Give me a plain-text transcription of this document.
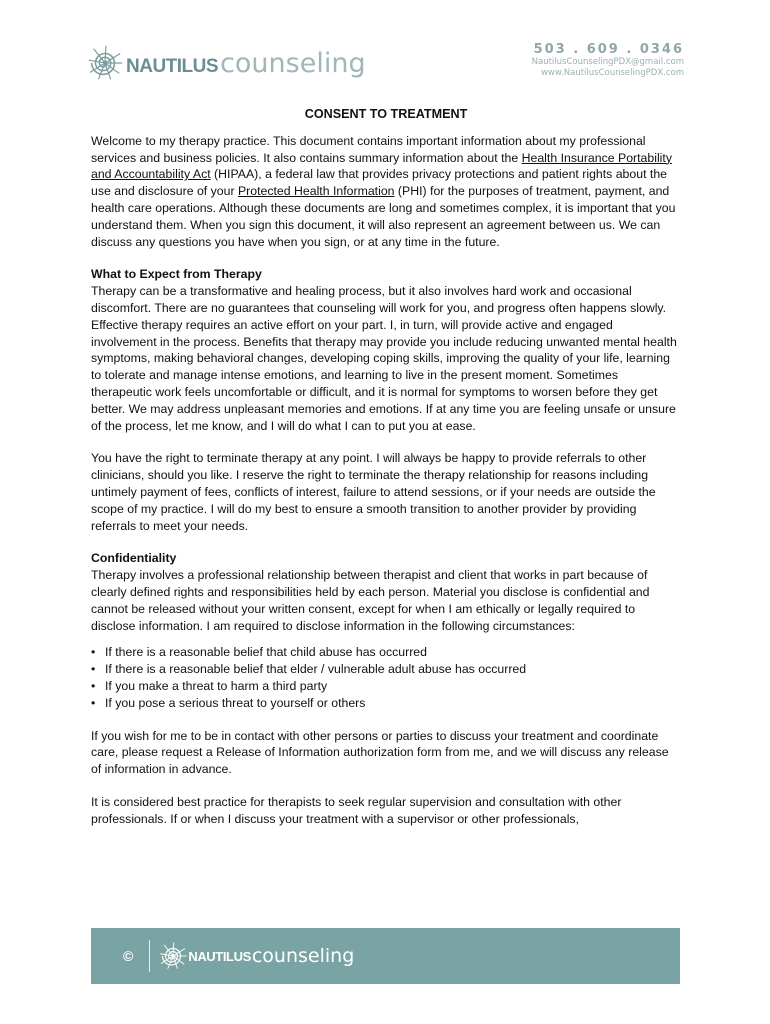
NAUTILUS counseling	503 . 609 . 0346
NautilusCounselingPDX@gmail.com
www.NautilusCounselingPDX.com
CONSENT TO TREATMENT

Welcome to my therapy practice. This document contains important information about my professional services and business policies. It also contains summary information about the Health Insurance Portability and Accountability Act (HIPAA), a federal law that provides privacy protections and patient rights about the use and disclosure of your Protected Health Information (PHI) for the purposes of treatment, payment, and health care operations. Although these documents are long and sometimes complex, it is important that you understand them. When you sign this document, it will also represent an agreement between us. We can discuss any questions you have when you sign, or at any time in the future.

What to Expect from Therapy
Therapy can be a transformative and healing process, but it also involves hard work and occasional discomfort. There are no guarantees that counseling will work for you, and progress often happens slowly. Effective therapy requires an active effort on your part. I, in turn, will provide active and engaged involvement in the process. Benefits that therapy may provide you include reducing unwanted mental health symptoms, making behavioral changes, developing coping skills, improving the quality of your life, learning to tolerate and manage intense emotions, and learning to live in the present moment. Sometimes therapeutic work feels uncomfortable or difficult, and it is normal for symptoms to worsen before they get better. We may address unpleasant memories and emotions. If at any time you are feeling unsafe or unsure of the process, let me know, and I will do what I can to put you at ease.

You have the right to terminate therapy at any point. I will always be happy to provide referrals to other clinicians, should you like. I reserve the right to terminate the therapy relationship for reasons including untimely payment of fees, conflicts of interest, failure to attend sessions, or if your needs are outside the scope of my practice. I will do my best to ensure a smooth transition to another provider by providing referrals to meet your needs.

Confidentiality
Therapy involves a professional relationship between therapist and client that works in part because of clearly defined rights and responsibilities held by each person. Material you disclose is confidential and cannot be released without your written consent, except for when I am ethically or legally required to disclose information. I am required to disclose information in the following circumstances:

• If there is a reasonable belief that child abuse has occurred
• If there is a reasonable belief that elder / vulnerable adult abuse has occurred
• If you make a threat to harm a third party
• If you pose a serious threat to yourself or others

If you wish for me to be in contact with other persons or parties to discuss your treatment and coordinate care, please request a Release of Information authorization form from me, and we will discuss any release of information in advance.

It is considered best practice for therapists to seek regular supervision and consultation with other professionals. If or when I discuss your treatment with a supervisor or other professionals,

©	NAUTILUS counseling
